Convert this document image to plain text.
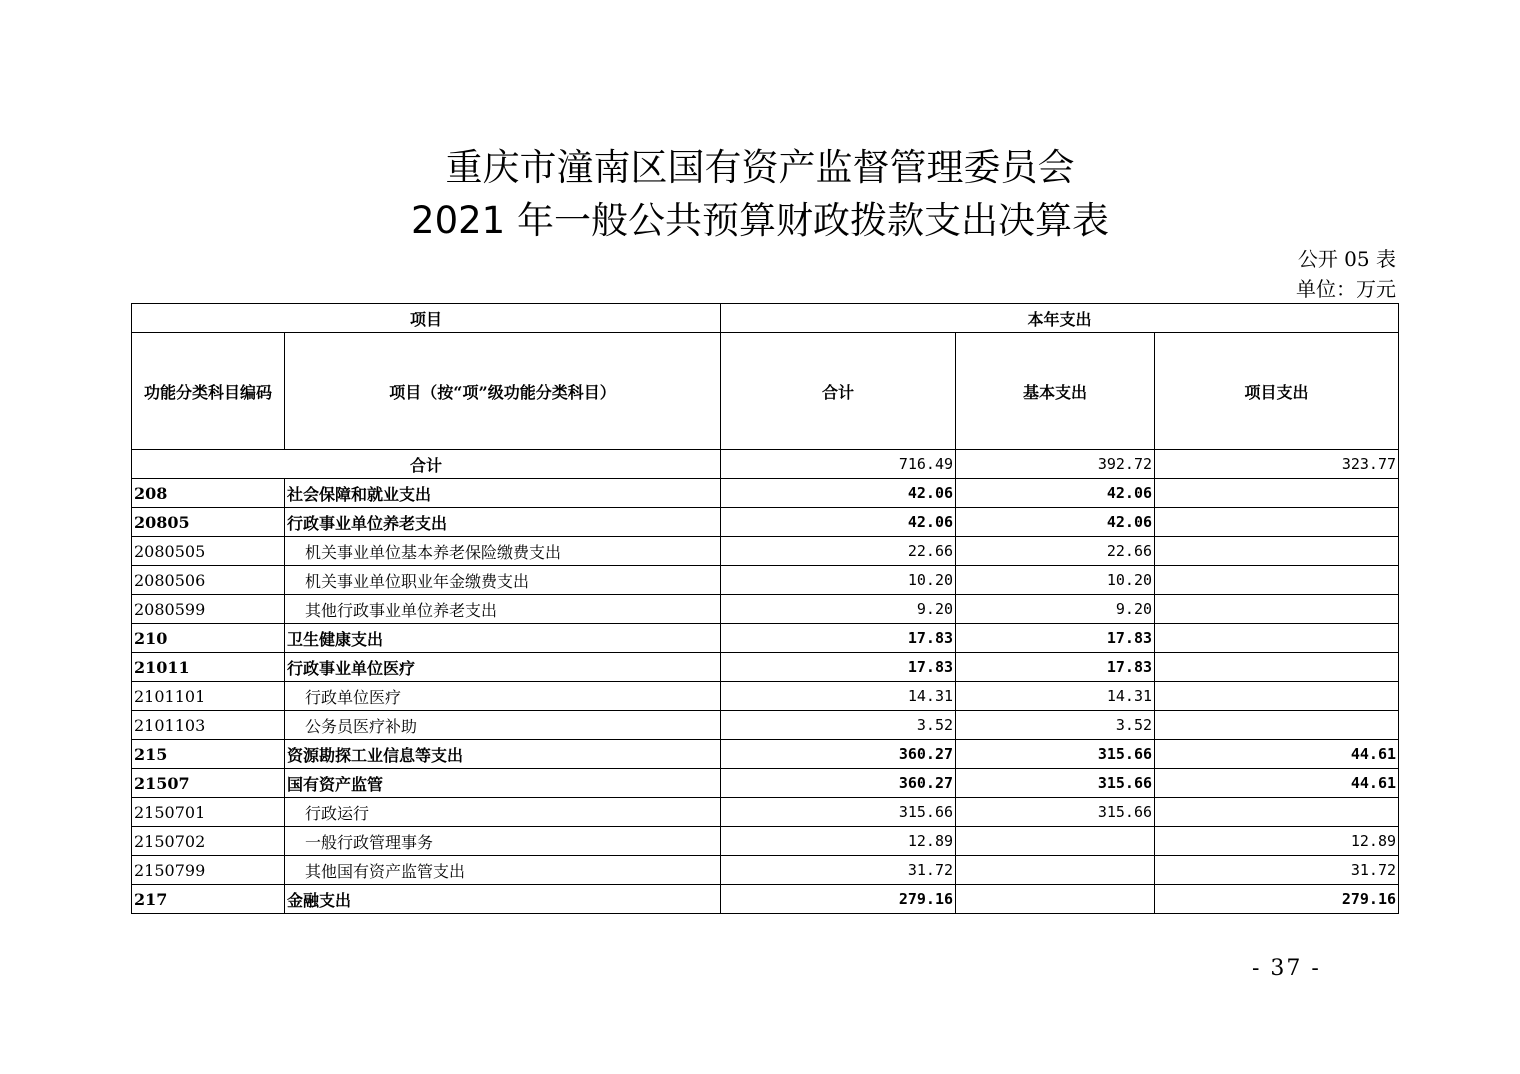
重庆市潼南区国有资产监督管理委员会
2021 年一般公共预算财政拨款支出决算表
公开 05 表
单位：万元
项目		本年支出		
功能分类科目编码	项目（按“项”级功能分类科目）	合计	基本支出	项目支出
合计		716.49	392.72	323.77
208	社会保障和就业支出	42.06	42.06	
20805	行政事业单位养老支出	42.06	42.06	
2080505	机关事业单位基本养老保险缴费支出	22.66	22.66	
2080506	机关事业单位职业年金缴费支出	10.20	10.20	
2080599	其他行政事业单位养老支出	9.20	9.20	
210	卫生健康支出	17.83	17.83	
21011	行政事业单位医疗	17.83	17.83	
2101101	行政单位医疗	14.31	14.31	
2101103	公务员医疗补助	3.52	3.52	
215	资源勘探工业信息等支出	360.27	315.66	44.61
21507	国有资产监管	360.27	315.66	44.61
2150701	行政运行	315.66	315.66	
2150702	一般行政管理事务	12.89		12.89
2150799	其他国有资产监管支出	31.72		31.72
217	金融支出	279.16		279.16
- 37 -
